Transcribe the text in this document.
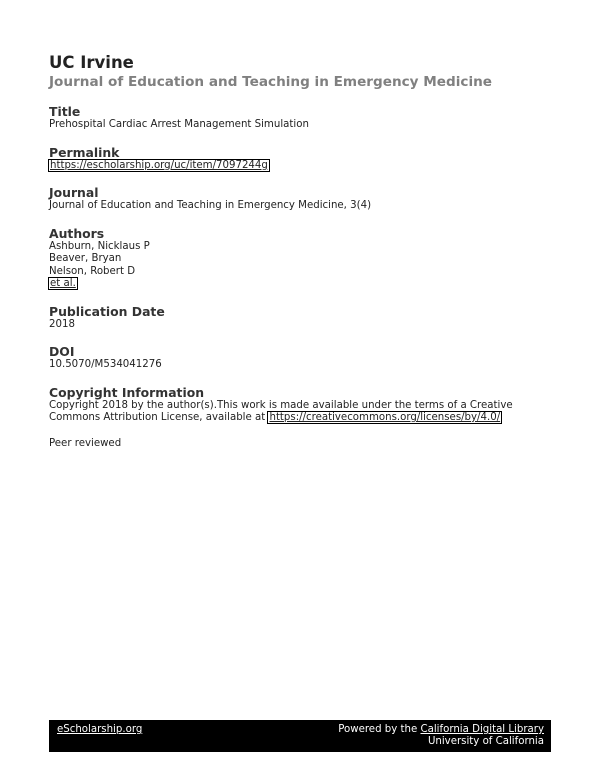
UC Irvine

Journal of Education and Teaching in Emergency Medicine

Title

Prehospital Cardiac Arrest Management Simulation

Permalink

https://escholarship.org/uc/item/7097244g

Journal

Journal of Education and Teaching in Emergency Medicine, 3(4)

Authors

Ashburn, Nicklaus P

Beaver, Bryan

Nelson, Robert D

et al.

Publication Date

2018

DOI

10.5070/M534041276

Copyright Information

Copyright 2018 by the author(s).This work is made available under the terms of a Creative

Commons Attribution License, available at https://creativecommons.org/licenses/by/4.0/

Peer reviewed

eScholarship.org	Powered by the California Digital Library
University of California
